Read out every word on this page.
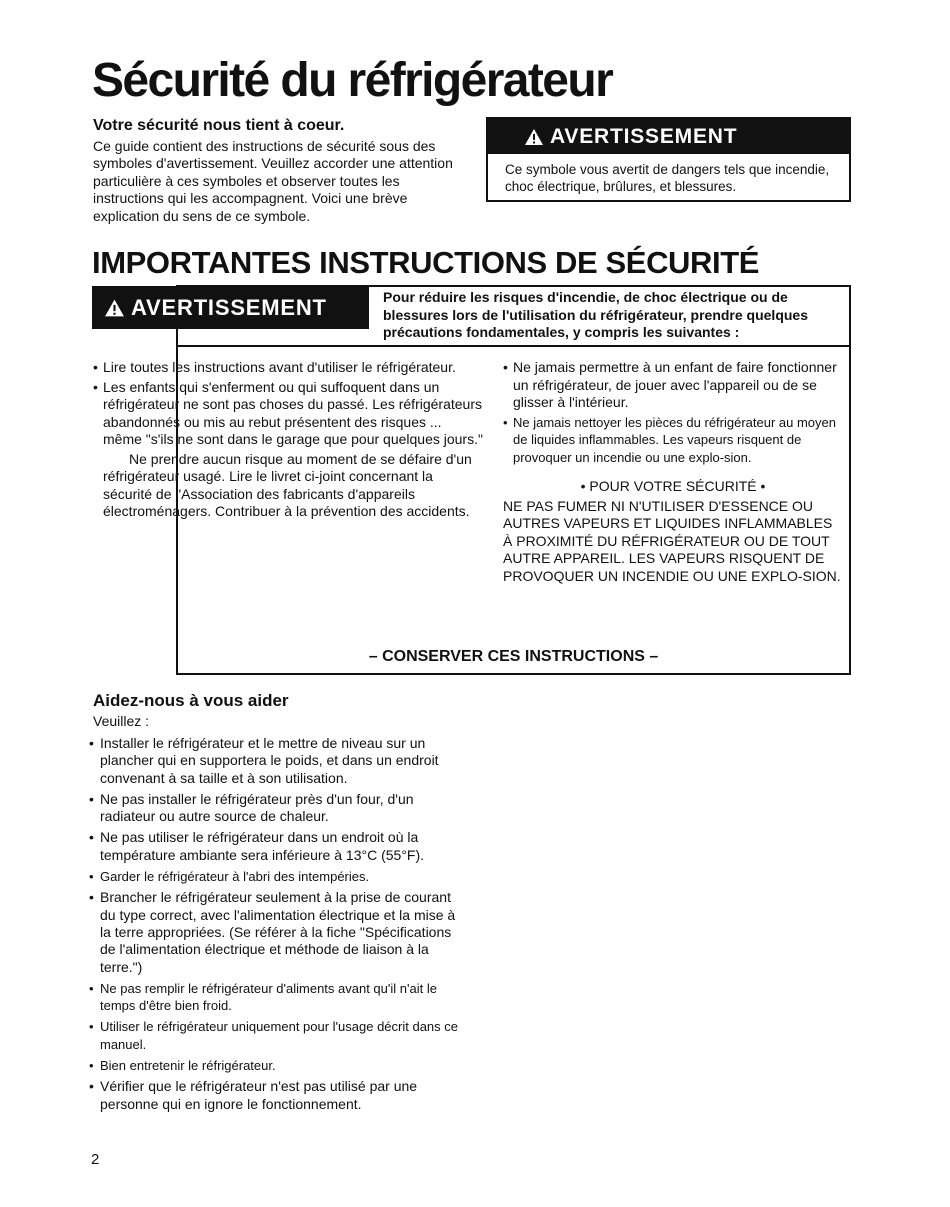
Sécurité du réfrigérateur
Votre sécurité nous tient à coeur.

Ce guide contient des instructions de sécurité sous des symboles d'avertissement. Veuillez accorder une attention particulière à ces symboles et observer toutes les instructions qui les accompagnent. Voici une brève explication du sens de ce symbole.

AVERTISSEMENT

Ce symbole vous avertit de dangers tels que incendie, choc électrique, brûlures, et blessures.

IMPORTANTES INSTRUCTIONS DE SÉCURITÉ
AVERTISSEMENT	Pour réduire les risques d'incendie, de choc électrique ou de blessures lors de l'utilisation du réfrigérateur, prendre quelques précautions fondamentales, y compris les suivantes :

• Lire toutes les instructions avant d'utiliser le réfrigérateur.
• Les enfants qui s'enferment ou qui suffoquent dans un réfrigérateur ne sont pas choses du passé. Les réfrigérateurs abandonnés ou mis au rebut présentent des risques ... même "s'ils ne sont dans le garage que pour quelques jours."

Ne prendre aucun risque au moment de se défaire d'un réfrigérateur usagé. Lire le livret ci-joint concernant la sécurité de l'Association des fabricants d'appareils électroménagers. Contribuer à la prévention des accidents.

• Ne jamais permettre à un enfant de faire fonctionner un réfrigérateur, de jouer avec l'appareil ou de se glisser à l'intérieur.
• Ne jamais nettoyer les pièces du réfrigérateur au moyen de liquides inflammables. Les vapeurs risquent de provoquer un incendie ou une explo-sion.

• POUR VOTRE SÉCURITÉ •

NE PAS FUMER NI N'UTILISER D'ESSENCE OU AUTRES VAPEURS ET LIQUIDES INFLAMMABLES À PROXIMITÉ DU RÉFRIGÉRATEUR OU DE TOUT AUTRE APPAREIL. LES VAPEURS RISQUENT DE PROVOQUER UN INCENDIE OU UNE EXPLO-SION.

– CONSERVER CES INSTRUCTIONS –
Aidez-nous à vous aider

Veuillez :

• Installer le réfrigérateur et le mettre de niveau sur un plancher qui en supportera le poids, et dans un endroit convenant à sa taille et à son utilisation.
• Ne pas installer le réfrigérateur près d'un four, d'un radiateur ou autre source de chaleur.
• Ne pas utiliser le réfrigérateur dans un endroit où la température ambiante sera inférieure à 13°C (55°F).
• Garder le réfrigérateur à l'abri des intempéries.
• Brancher le réfrigérateur seulement à la prise de courant du type correct, avec l'alimentation électrique et la mise à la terre appropriées. (Se référer à la fiche "Spécifications de l'alimentation électrique et méthode de liaison à la terre.")
• Ne pas remplir le réfrigérateur d'aliments avant qu'il n'ait le temps d'être bien froid.
• Utiliser le réfrigérateur uniquement pour l'usage décrit dans ce manuel.
• Bien entretenir le réfrigérateur.
• Vérifier que le réfrigérateur n'est pas utilisé par une personne qui en ignore le fonctionnement.

2
